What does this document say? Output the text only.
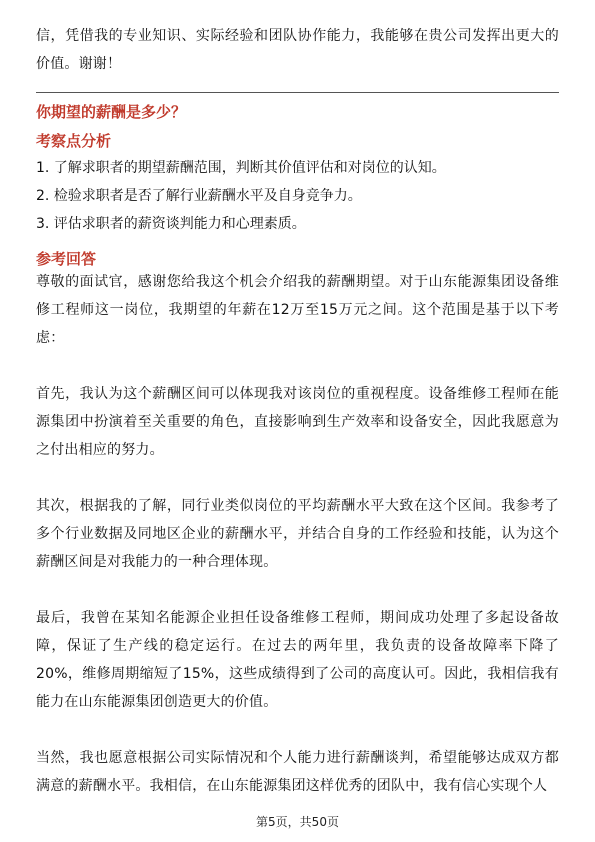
信，凭借我的专业知识、实际经验和团队协作能力，我能够在贵公司发挥出更大的价值。谢谢！

你期望的薪酬是多少？

考察点分析

1. 了解求职者的期望薪酬范围，判断其价值评估和对岗位的认知。
2. 检验求职者是否了解行业薪酬水平及自身竞争力。
3. 评估求职者的薪资谈判能力和心理素质。

参考回答

尊敬的面试官，感谢您给我这个机会介绍我的薪酬期望。对于山东能源集团设备维修工程师这一岗位，我期望的年薪在12万至15万元之间。这个范围是基于以下考虑：

首先，我认为这个薪酬区间可以体现我对该岗位的重视程度。设备维修工程师在能源集团中扮演着至关重要的角色，直接影响到生产效率和设备安全，因此我愿意为之付出相应的努力。

其次，根据我的了解，同行业类似岗位的平均薪酬水平大致在这个区间。我参考了多个行业数据及同地区企业的薪酬水平，并结合自身的工作经验和技能，认为这个薪酬区间是对我能力的一种合理体现。

最后，我曾在某知名能源企业担任设备维修工程师，期间成功处理了多起设备故障，保证了生产线的稳定运行。在过去的两年里，我负责的设备故障率下降了20%，维修周期缩短了15%，这些成绩得到了公司的高度认可。因此，我相信我有能力在山东能源集团创造更大的价值。

当然，我也愿意根据公司实际情况和个人能力进行薪酬谈判，希望能够达成双方都满意的薪酬水平。我相信，在山东能源集团这样优秀的团队中，我有信心实现个人

第5页，共50页
